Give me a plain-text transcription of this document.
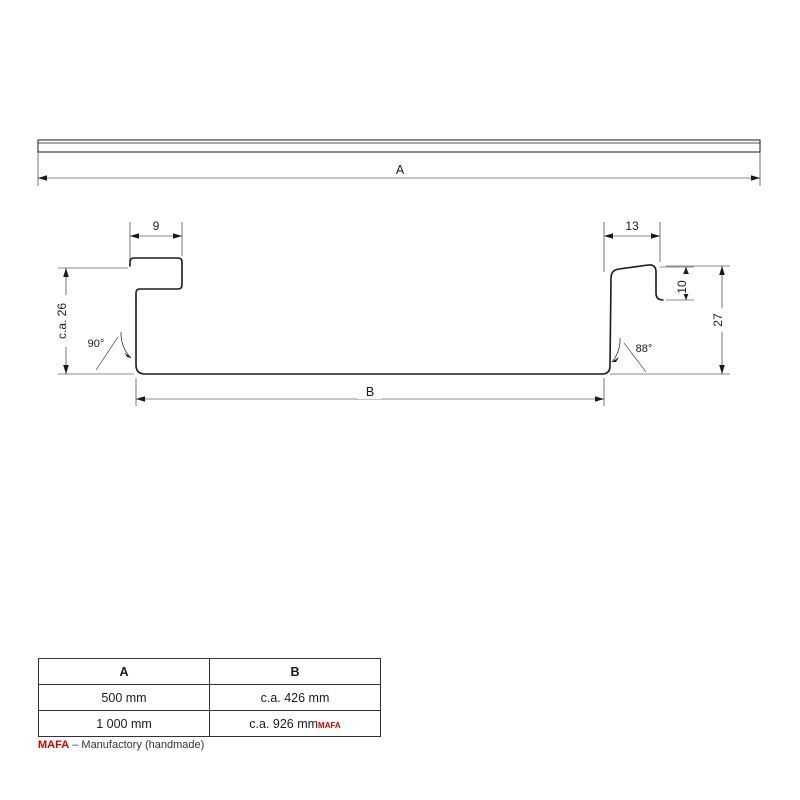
A
9	13
c.a. 26	27
10
90°	88°
B
A	B
500 mm	c.a. 426 mm
1 000 mm	c.a. 926 mmMAFA
MAFA – Manufactory (handmade)
